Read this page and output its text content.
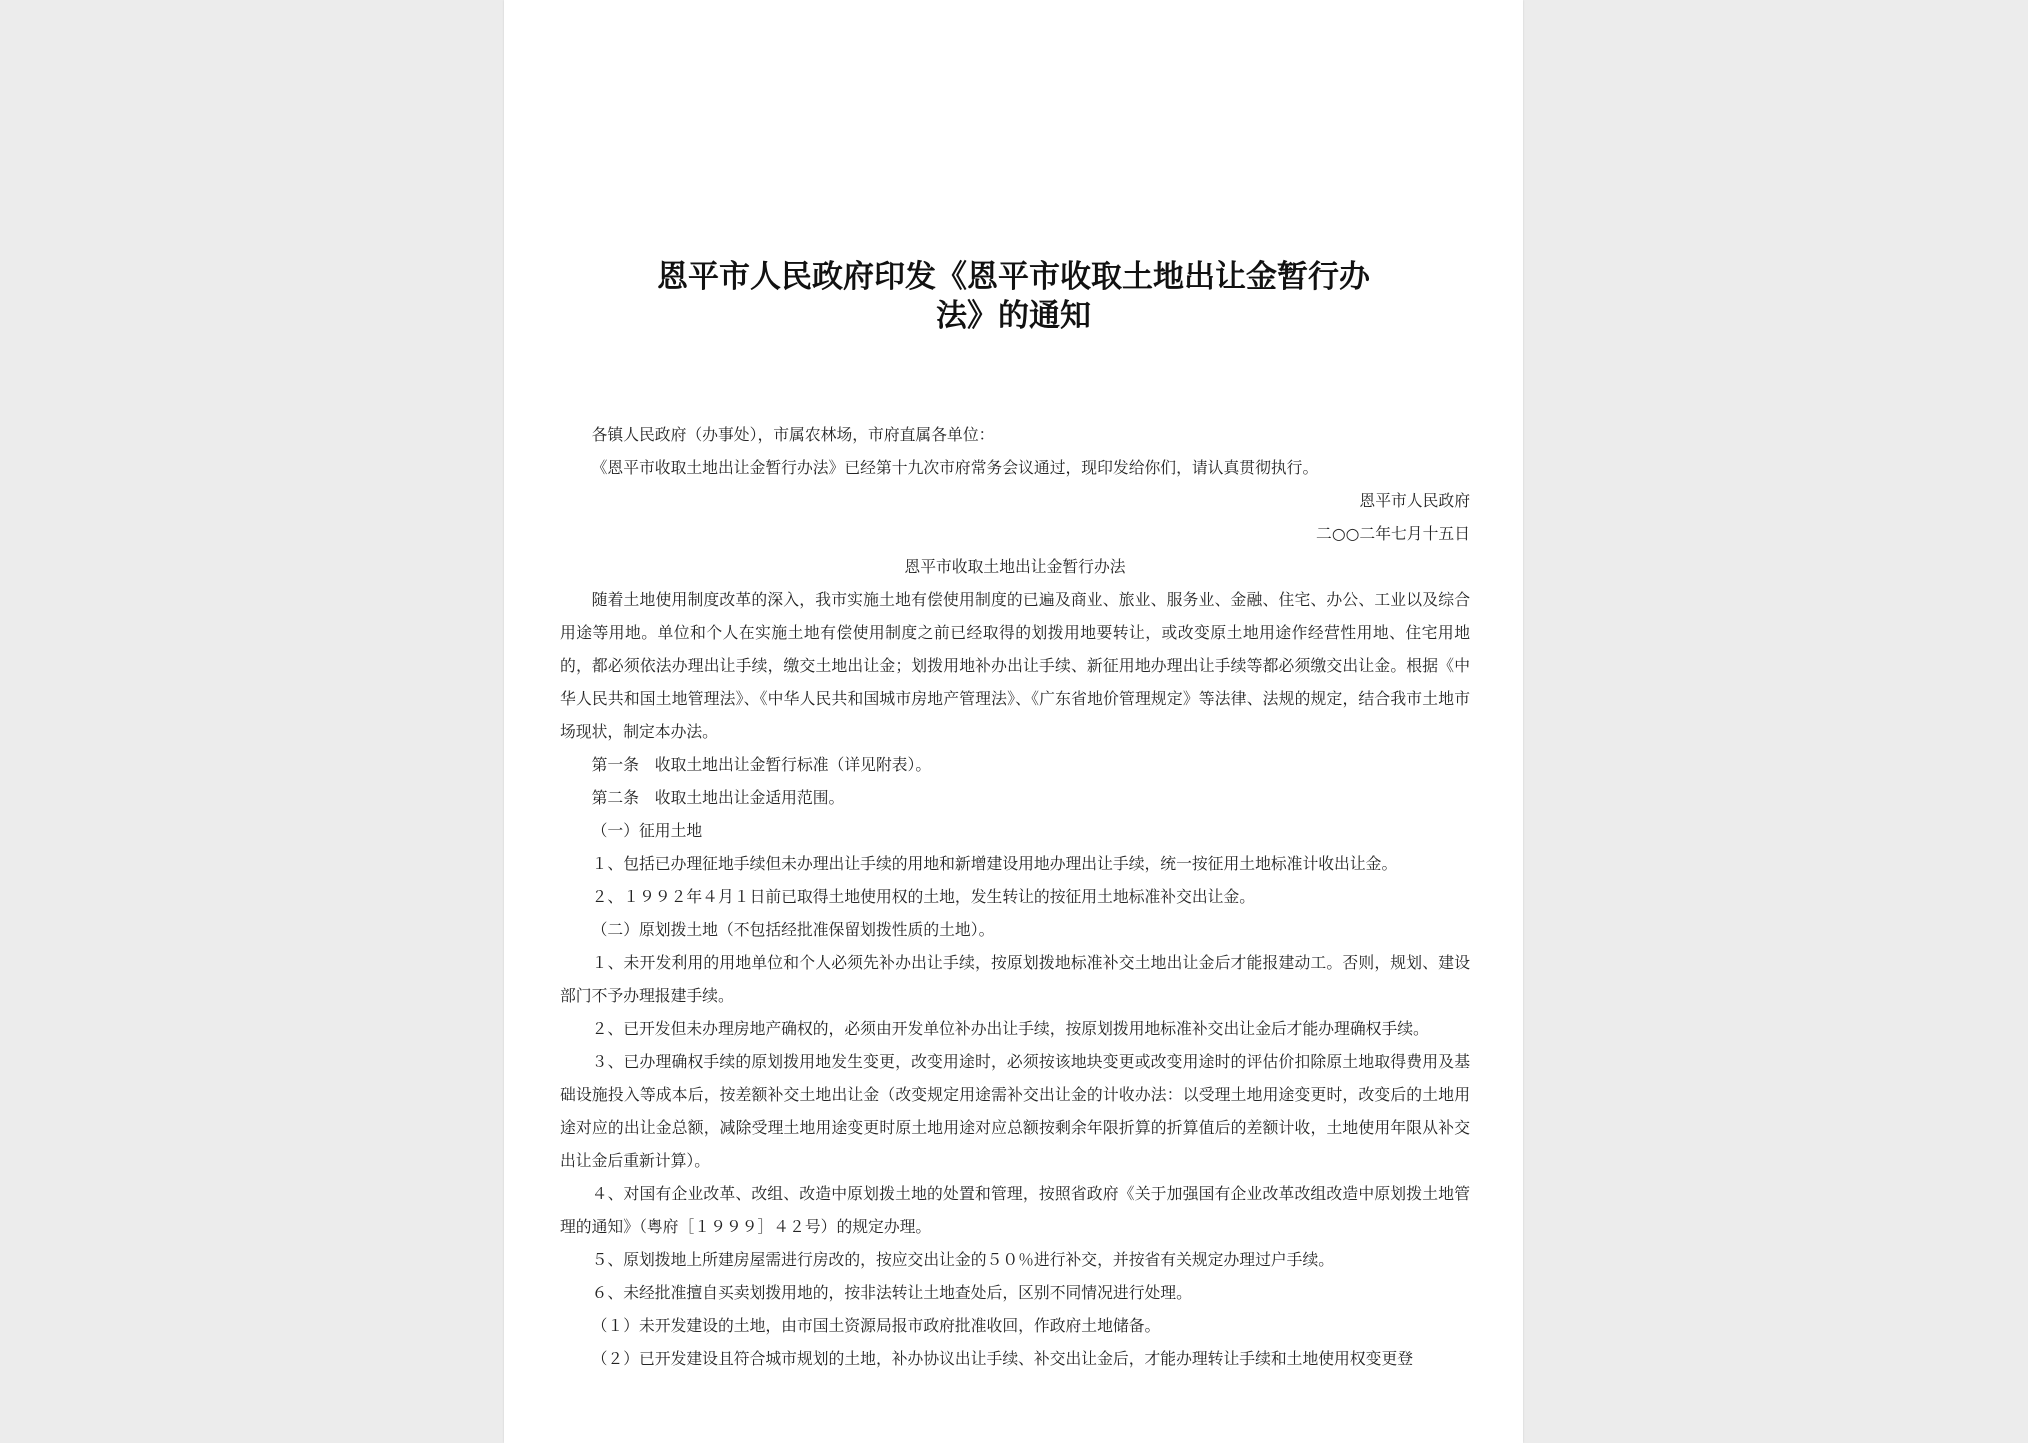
恩平市人民政府印发《恩平市收取土地出让金暂行办
法》的通知

各镇人民政府（办事处），市属农林场，市府直属各单位：

《恩平市收取土地出让金暂行办法》已经第十九次市府常务会议通过，现印发给你们，请认真贯彻执行。

恩平市人民政府

二○○二年七月十五日

恩平市收取土地出让金暂行办法

随着土地使用制度改革的深入，我市实施土地有偿使用制度的已遍及商业、旅业、服务业、金融、住宅、办公、工业以及综合用途等用地。单位和个人在实施土地有偿使用制度之前已经取得的划拨用地要转让，或改变原土地用途作经营性用地、住宅用地的，都必须依法办理出让手续，缴交土地出让金；划拨用地补办出让手续、新征用地办理出让手续等都必须缴交出让金。根据《中华人民共和国土地管理法》、《中华人民共和国城市房地产管理法》、《广东省地价管理规定》等法律、法规的规定，结合我市土地市场现状，制定本办法。

第一条　收取土地出让金暂行标准（详见附表）。

第二条　收取土地出让金适用范围。

（一）征用土地

１、包括已办理征地手续但未办理出让手续的用地和新增建设用地办理出让手续，统一按征用土地标准计收出让金。

２、１９９２年４月１日前已取得土地使用权的土地，发生转让的按征用土地标准补交出让金。

（二）原划拨土地（不包括经批准保留划拨性质的土地）。

１、未开发利用的用地单位和个人必须先补办出让手续，按原划拨地标准补交土地出让金后才能报建动工。否则，规划、建设部门不予办理报建手续。

２、已开发但未办理房地产确权的，必须由开发单位补办出让手续，按原划拨用地标准补交出让金后才能办理确权手续。

３、已办理确权手续的原划拨用地发生变更，改变用途时，必须按该地块变更或改变用途时的评估价扣除原土地取得费用及基础设施投入等成本后，按差额补交土地出让金（改变规定用途需补交出让金的计收办法：以受理土地用途变更时，改变后的土地用途对应的出让金总额，减除受理土地用途变更时原土地用途对应总额按剩余年限折算的折算值后的差额计收，土地使用年限从补交出让金后重新计算）。

４、对国有企业改革、改组、改造中原划拨土地的处置和管理，按照省政府《关于加强国有企业改革改组改造中原划拨土地管理的通知》（粤府［１９９９］４２号）的规定办理。

５、原划拨地上所建房屋需进行房改的，按应交出让金的５０％进行补交，并按省有关规定办理过户手续。

６、未经批准擅自买卖划拨用地的，按非法转让土地查处后，区别不同情况进行处理。

（１）未开发建设的土地，由市国土资源局报市政府批准收回，作政府土地储备。

（２）已开发建设且符合城市规划的土地，补办协议出让手续、补交出让金后，才能办理转让手续和土地使用权变更登
